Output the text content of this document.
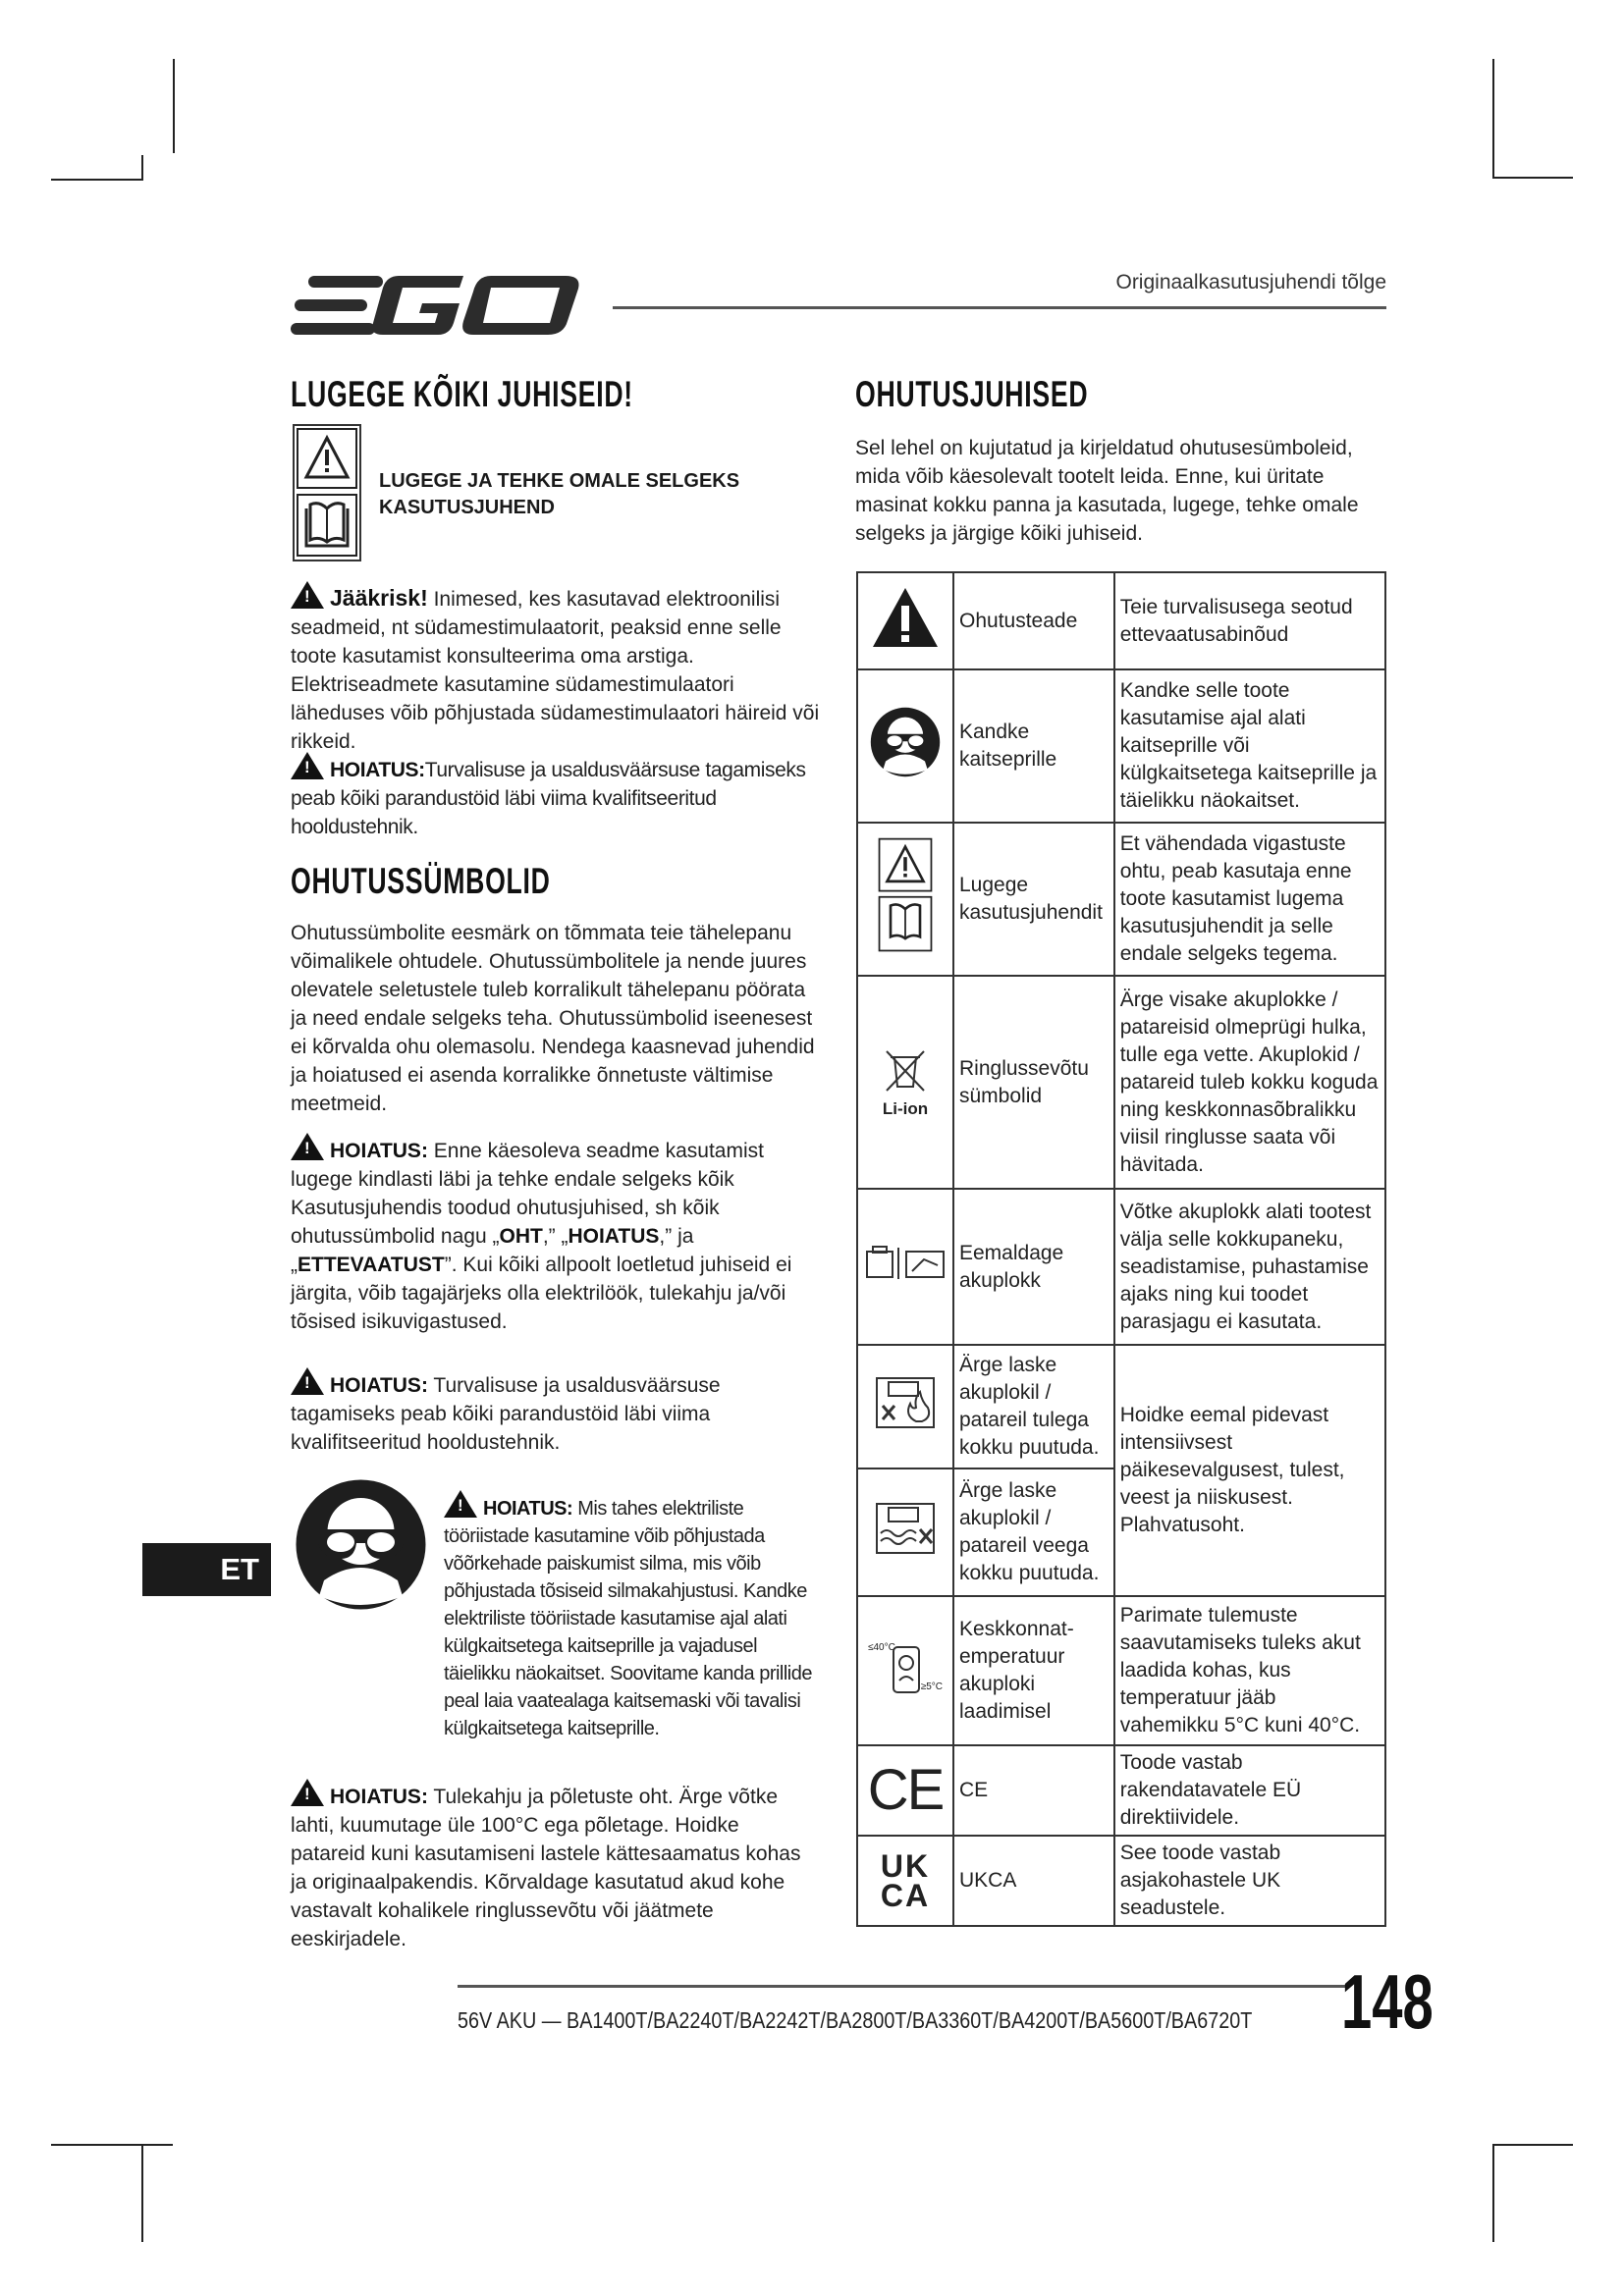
EGO
Originaalkasutusjuhendi tõlge
LUGEGE KÕIKI JUHISEID!
LUGEGE JA TEHKE OMALE SELGEKS KASUTUSJUHEND
!Jääkrisk! Inimesed, kes kasutavad elektroonilisi seadmeid, nt südamestimulaatorit, peaksid enne selle toote kasutamist konsulteerima oma arstiga. Elektriseadmete kasutamine südamestimulaatori läheduses võib põhjustada südamestimulaatori häireid või rikkeid.
!HOIATUS:Turvalisuse ja usaldusväärsuse tagamiseks peab kõiki parandustöid läbi viima kvalifitseeritud hooldustehnik.
OHUTUSSÜMBOLID
Ohutussümbolite eesmärk on tõmmata teie tähelepanu võimalikele ohtudele. Ohutussümbolitele ja nende juures olevatele seletustele tuleb korralikult tähelepanu pöörata ja need endale selgeks teha. Ohutussümbolid iseenesest ei kõrvalda ohu olemasolu. Nendega kaasnevad juhendid ja hoiatused ei asenda korralikke õnnetuste vältimise meetmeid.
!HOIATUS: Enne käesoleva seadme kasutamist lugege kindlasti läbi ja tehke endale selgeks kõik Kasutusjuhendis toodud ohutusjuhised, sh kõik ohutussümbolid nagu „OHT,” „HOIATUS,” ja „ETTEVAATUST”. Kui kõiki allpoolt loetletud juhiseid ei järgita, võib tagajärjeks olla elektrilöök, tulekahju ja/või tõsised isikuvigastused.
!HOIATUS: Turvalisuse ja usaldusväärsuse tagamiseks peab kõiki parandustöid läbi viima kvalifitseeritud hooldustehnik.
!HOIATUS: Mis tahes elektriliste tööriistade kasutamine võib põhjustada võõrkehade paiskumist silma, mis võib põhjustada tõsiseid silmakahjustusi. Kandke elektriliste tööriistade kasutamise ajal alati külgkaitsetega kaitseprille ja vajadusel täielikku näokaitset. Soovitame kanda prillide peal laia vaatealaga kaitsemaski või tavalisi külgkaitsetega kaitseprille.
!HOIATUS: Tulekahju ja põletuste oht. Ärge võtke lahti, kuumutage üle 100°C ega põletage. Hoidke patareid kuni kasutamiseni lastele kättesaamatus kohas ja originaalpakendis. Kõrvaldage kasutatud akud kohe vastavalt kohalikele ringlussevõtu või jäätmete eeskirjadele.
ET
OHUTUSJUHISED
Sel lehel on kujutatud ja kirjeldatud ohutusesümboleid, mida võib käesolevalt tootelt leida. Enne, kui üritate masinat kokku panna ja kasutada, lugege, tehke omale selgeks ja järgige kõiki juhiseid.
	Ohutusteade	Teie turvalisusega seotud ettevaatusabinõud
	Kandke kaitseprille	Kandke selle toote kasutamise ajal alati kaitseprille või külgkaitsetega kaitseprille ja täielikku näokaitset.
	Lugege kasutusjuhendit	Et vähendada vigastuste ohtu, peab kasutaja enne toote kasutamist lugema kasutusjuhendit ja selle endale selgeks tegema.

Li-ion	Ringlussevõtu sümbolid	Ärge visake akuplokke / patareisid olmeprügi hulka, tulle ega vette. Akuplokid / patareid tuleb kokku koguda ning keskkonnasõbralikku viisil ringlusse saata või hävitada.
	Eemaldage akuplokk	Võtke akuplokk alati tootest välja selle kokkupaneku, seadistamise, puhastamise ajaks ning kui toodet parasjagu ei kasutata.
	Ärge laske akuplokil / patareil tulega kokku puutuda.	Hoidke eemal pidevast intensiivsest päikesevalgusest, tulest, veest ja niiskusest. Plahvatusoht.
	Ärge laske akuplokil / patareil veega kokku puutuda.	

≤40°C
≥5°C	Keskkonnat- emperatuur akuploki laadimisel	Parimate tulemuste saavutamiseks tuleks akut laadida kohas, kus temperatuur jääb vahemikku 5°C kuni 40°C.
CE	CE	Toode vastab rakendatavatele EÜ direktiividele.

UK
CA	UKCA	See toode vastab asjakohastele UK seadustele.
56V AKU — BA1400T/BA2240T/BA2242T/BA2800T/BA3360T/BA4200T/BA5600T/BA6720T 148
